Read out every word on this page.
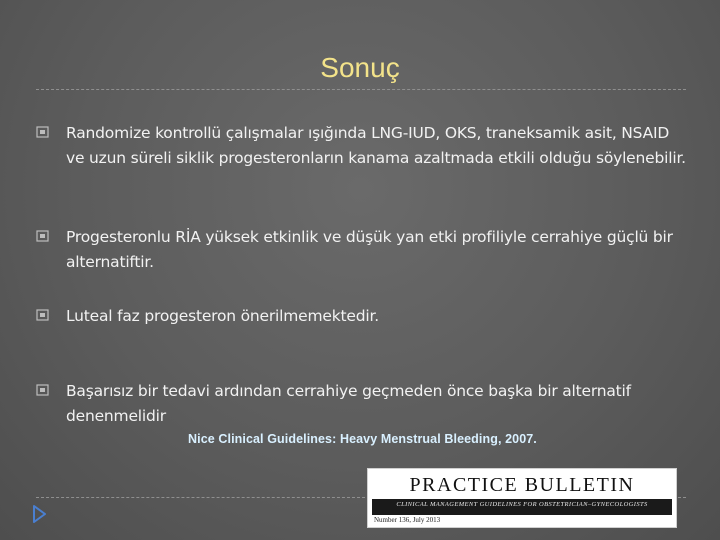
Sonuç
Randomize kontrollü çalışmalar ışığında LNG-IUD, OKS, traneksamik asit, NSAID ve uzun süreli siklik progesteronların kanama azaltmada etkili olduğu söylenebilir.
Progesteronlu RİA yüksek etkinlik ve düşük yan etki profiliyle cerrahiye güçlü bir alternatiftir.
Luteal faz progesteron önerilmemektedir.
Başarısız bir tedavi ardından cerrahiye geçmeden önce başka bir alternatif denenmelidir
Nice Clinical Guidelines: Heavy Menstrual Bleeding, 2007.
PRACTICE BULLETIN
CLINICAL MANAGEMENT GUIDELINES FOR OBSTETRICIAN–GYNECOLOGISTS
Number 136, July 2013
